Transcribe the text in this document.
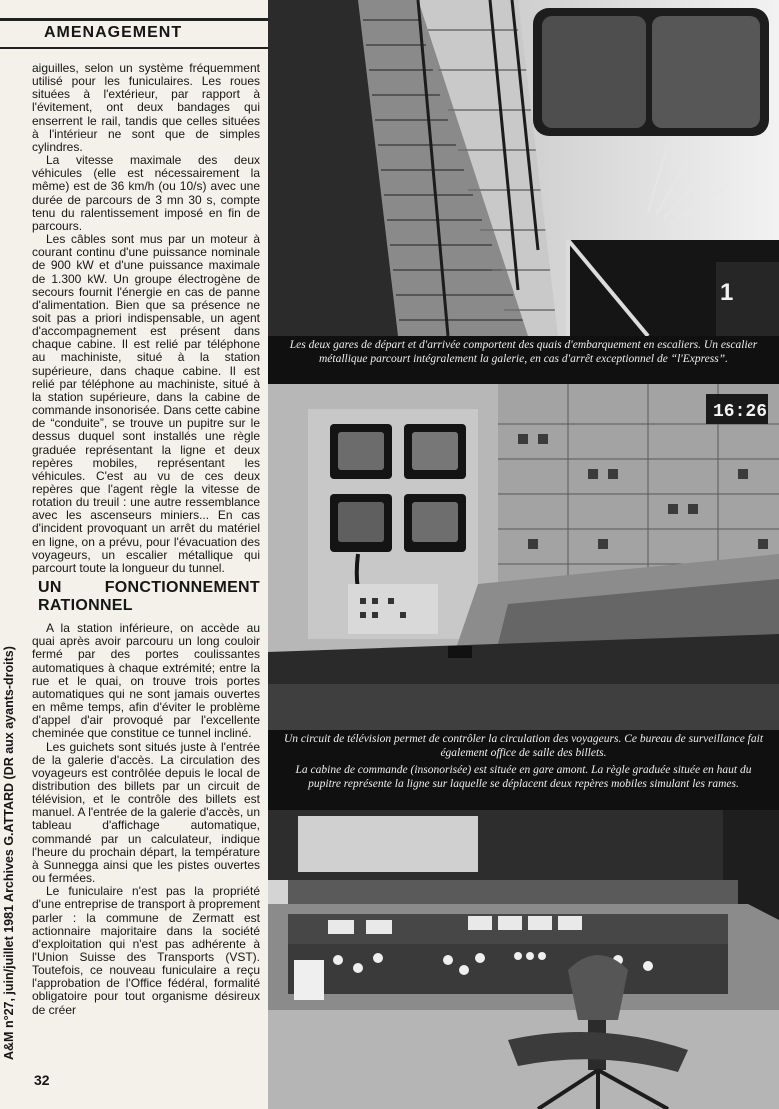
AMENAGEMENT
A&M n°27, juin/juillet 1981 Archives G.ATTARD (DR aux ayants-droits)

aiguilles, selon un système fréquemment utilisé pour les funiculaires. Les roues situées à l'extérieur, par rapport à l'évitement, ont deux bandages qui enserrent le rail, tandis que celles situées à l'intérieur ne sont que de simples cylindres.

La vitesse maximale des deux véhicules (elle est nécessairement la même) est de 36 km/h (ou 10/s) avec une durée de parcours de 3 mn 30 s, compte tenu du ralentissement imposé en fin de parcours.

Les câbles sont mus par un moteur à courant continu d'une puissance nominale de 900 kW et d'une puissance maximale de 1.300 kW. Un groupe électrogène de secours fournit l'énergie en cas de panne d'alimentation. Bien que sa présence ne soit pas a priori indispensable, un agent d'accompagnement est présent dans chaque cabine. Il est relié par téléphone au machiniste, situé à la station supérieure, dans chaque cabine. Il est relié par téléphone au machiniste, situé à la station supérieure, dans la cabine de commande insonorisée. Dans cette cabine de “conduite”, se trouve un pupitre sur le dessus duquel sont installés une règle graduée représentant la ligne et deux repères mobiles, représentant les véhicules. C'est au vu de ces deux repères que l'agent règle la vitesse de rotation du treuil : une autre ressemblance avec les ascenseurs miniers... En cas d'incident provoquant un arrêt du matériel en ligne, on a prévu, pour l'évacuation des voyageurs, un escalier métallique qui parcourt toute la longueur du tunnel.

UN FONCTIONNEMENT RATIONNEL

A la station inférieure, on accède au quai après avoir parcouru un long couloir fermé par des portes coulissantes automatiques à chaque extrémité; entre la rue et le quai, on trouve trois portes automatiques qui ne sont jamais ouvertes en même temps, afin d'éviter le problème d'appel d'air provoqué par l'excellente cheminée que constitue ce tunnel incliné.

Les guichets sont situés juste à l'entrée de la galerie d'accès. La circulation des voyageurs est contrôlée depuis le local de distribution des billets par un circuit de télévision, et le contrôle des billets est manuel. A l'entrée de la galerie d'accès, un tableau d'affichage automatique, commandé par un calculateur, indique l'heure du prochain départ, la température à Sunnegga ainsi que les pistes ouvertes ou fermées.

Le funiculaire n'est pas la propriété d'une entreprise de transport à proprement parler : la commune de Zermatt est actionnaire majoritaire dans la société d'exploitation qui n'est pas adhérente à l'Union Suisse des Transports (VST). Toutefois, ce nouveau funiculaire a reçu l'approbation de l'Office fédéral, formalité obligatoire pour tout organisme désireux de créer

32
1
Les deux gares de départ et d'arrivée comportent des quais d'embarquement en escaliers. Un escalier métallique parcourt intégralement la galerie, en cas d'arrêt exceptionnel de “l'Express”.
16:26

Un circuit de télévision permet de contrôler la circulation des voyageurs. Ce bureau de surveillance fait également office de salle des billets.

La cabine de commande (insonorisée) est située en gare amont. La règle graduée située en haut du pupitre représente la ligne sur laquelle se déplacent deux repères mobiles simulant les rames.
